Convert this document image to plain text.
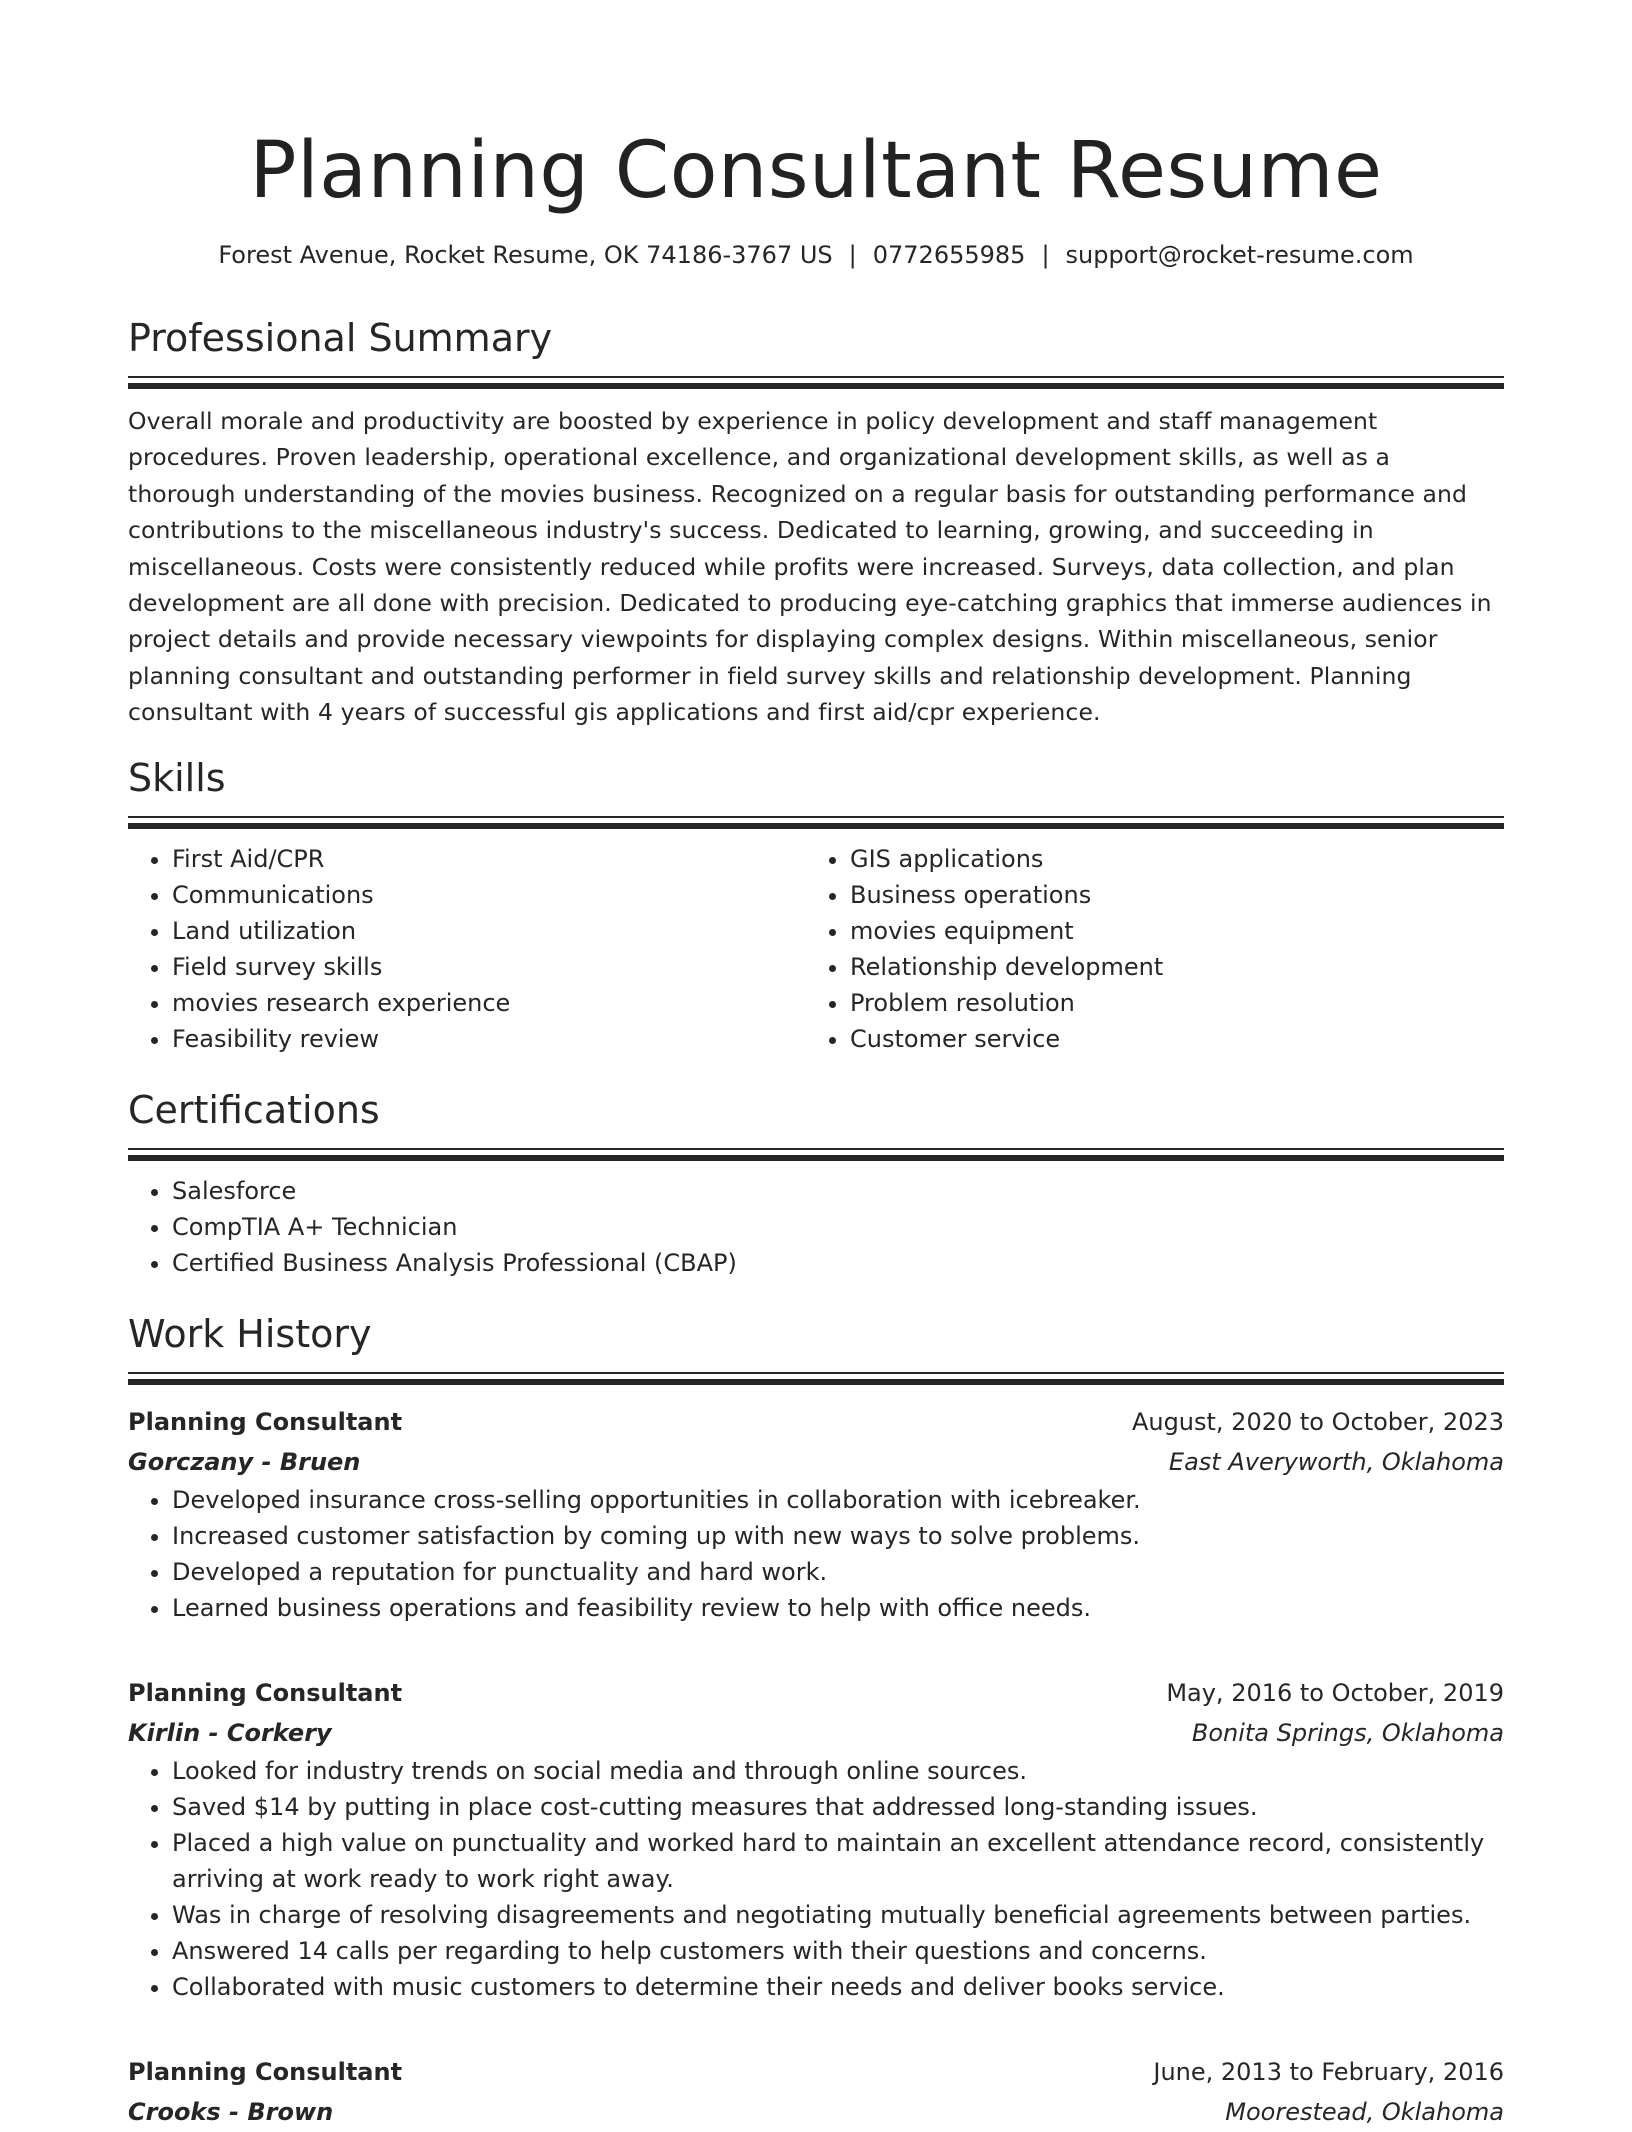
Planning Consultant Resume
Forest Avenue, Rocket Resume, OK 74186-3767 US | 0772655985 | support@rocket-resume.com
Professional Summary

Overall morale and productivity are boosted by experience in policy development and staff management procedures. Proven leadership, operational excellence, and organizational development skills, as well as a thorough understanding of the movies business. Recognized on a regular basis for outstanding performance and contributions to the miscellaneous industry's success. Dedicated to learning, growing, and succeeding in miscellaneous. Costs were consistently reduced while profits were increased. Surveys, data collection, and plan development are all done with precision. Dedicated to producing eye-catching graphics that immerse audiences in project details and provide necessary viewpoints for displaying complex designs. Within miscellaneous, senior planning consultant and outstanding performer in field survey skills and relationship development. Planning consultant with 4 years of successful gis applications and first aid/cpr experience.

Skills
• First Aid/CPR
• Communications
• Land utilization
• Field survey skills
• movies research experience
• Feasibility review
• GIS applications
• Business operations
• movies equipment
• Relationship development
• Problem resolution
• Customer service
Certifications
• Salesforce
• CompTIA A+ Technician
• Certified Business Analysis Professional (CBAP)
Work History
Planning Consultant	August, 2020 to October, 2023
Gorczany - Bruen	East Averyworth, Oklahoma
• Developed insurance cross-selling opportunities in collaboration with icebreaker.
• Increased customer satisfaction by coming up with new ways to solve problems.
• Developed a reputation for punctuality and hard work.
• Learned business operations and feasibility review to help with office needs.
Planning Consultant	May, 2016 to October, 2019
Kirlin - Corkery	Bonita Springs, Oklahoma
• Looked for industry trends on social media and through online sources.
• Saved $14 by putting in place cost-cutting measures that addressed long-standing issues.
• Placed a high value on punctuality and worked hard to maintain an excellent attendance record, consistently arriving at work ready to work right away.
• Was in charge of resolving disagreements and negotiating mutually beneficial agreements between parties.
• Answered 14 calls per regarding to help customers with their questions and concerns.
• Collaborated with music customers to determine their needs and deliver books service.
Planning Consultant	June, 2013 to February, 2016
Crooks - Brown	Moorestead, Oklahoma
